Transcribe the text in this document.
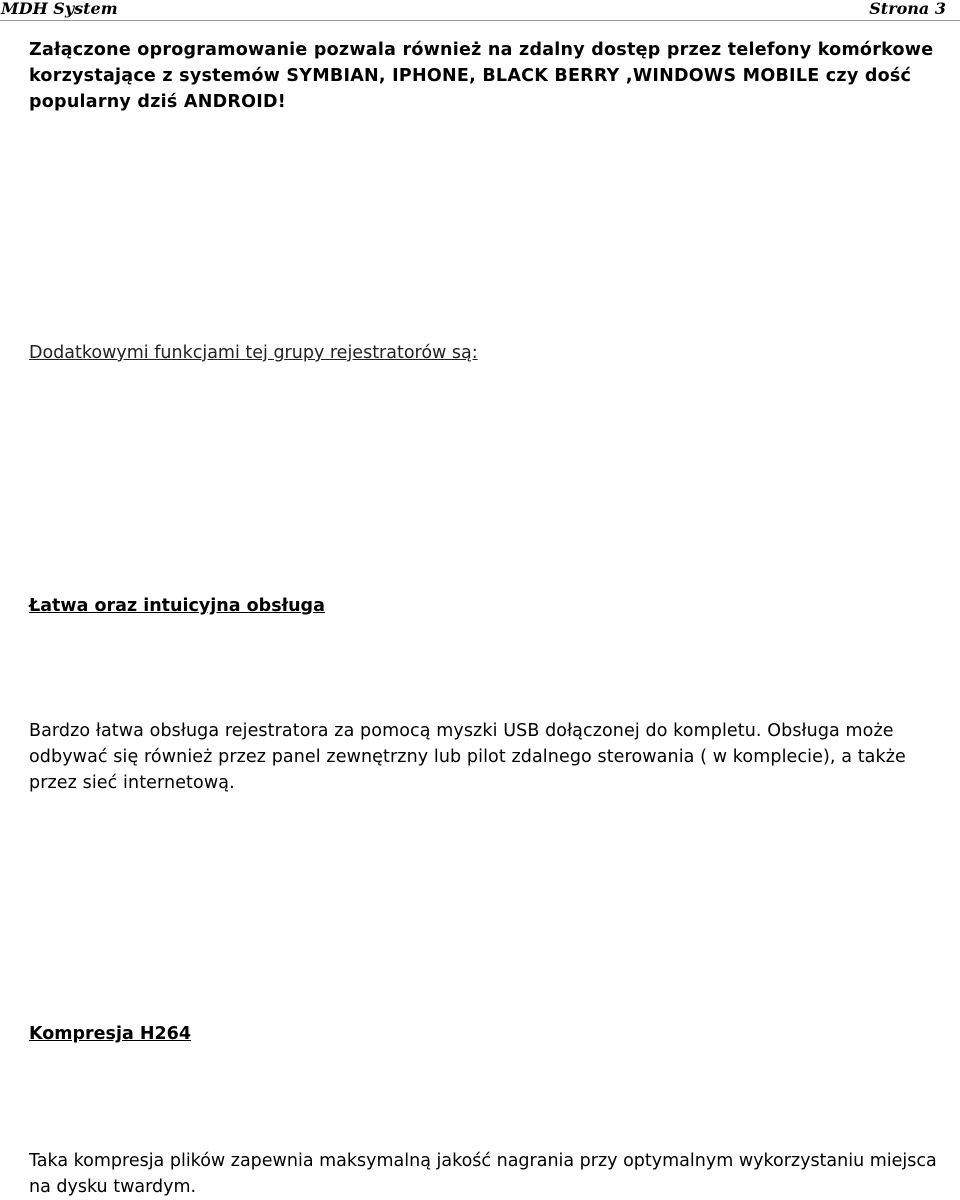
MDH System	Strona 3

Załączone oprogramowanie pozwala również na zdalny dostęp przez telefony komórkowe korzystające z systemów SYMBIAN, IPHONE, BLACK BERRY ,WINDOWS MOBILE czy dość popularny dziś ANDROID!

Dodatkowymi funkcjami tej grupy rejestratorów są:

Łatwa oraz intuicyjna obsługa

Bardzo łatwa obsługa rejestratora za pomocą myszki USB dołączonej do kompletu. Obsługa może odbywać się również przez panel zewnętrzny lub pilot zdalnego sterowania ( w komplecie), a także przez sieć internetową.

Kompresja H264

Taka kompresja plików zapewnia maksymalną jakość nagrania przy optymalnym wykorzystaniu miejsca na dysku twardym.
